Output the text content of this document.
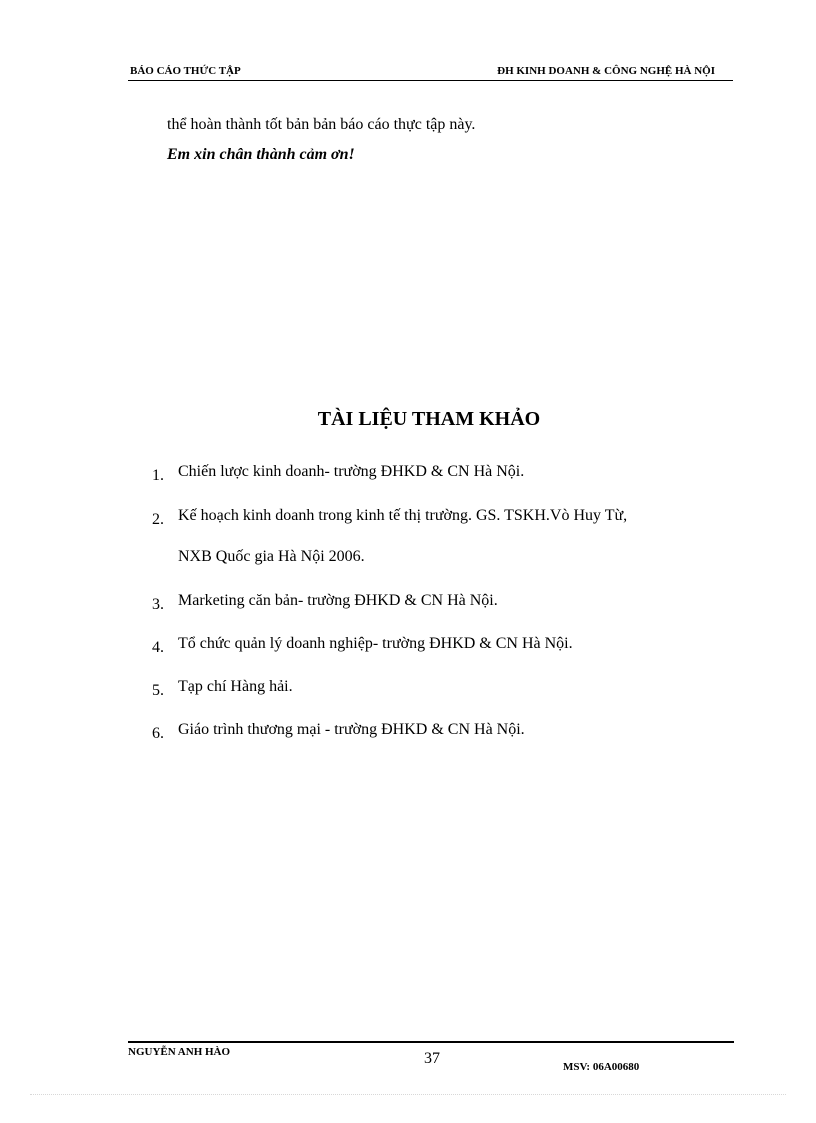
BÁO CÁO THỨC TẬP	ĐH KINH DOANH & CÔNG NGHỆ HÀ NỘI
thể hoàn thành tốt bản bản báo cáo thực tập này.
Em xin chân thành cảm ơn!
TÀI LIỆU THAM KHẢO
1. Chiến lược kinh doanh- trường ĐHKD & CN Hà Nội.
2. Kế hoạch kinh doanh trong kinh tế thị trường. GS. TSKH.Vò Huy Từ,
NXB Quốc gia Hà Nội 2006.
3. Marketing căn bản- trường ĐHKD & CN Hà Nội.
4. Tổ chức quản lý doanh nghiệp- trường ĐHKD & CN Hà Nội.
5. Tạp chí Hàng hải.
6. Giáo trình thương mại - trường ĐHKD & CN Hà Nội.
NGUYỄN ANH HÀO	37	MSV: 06A00680
